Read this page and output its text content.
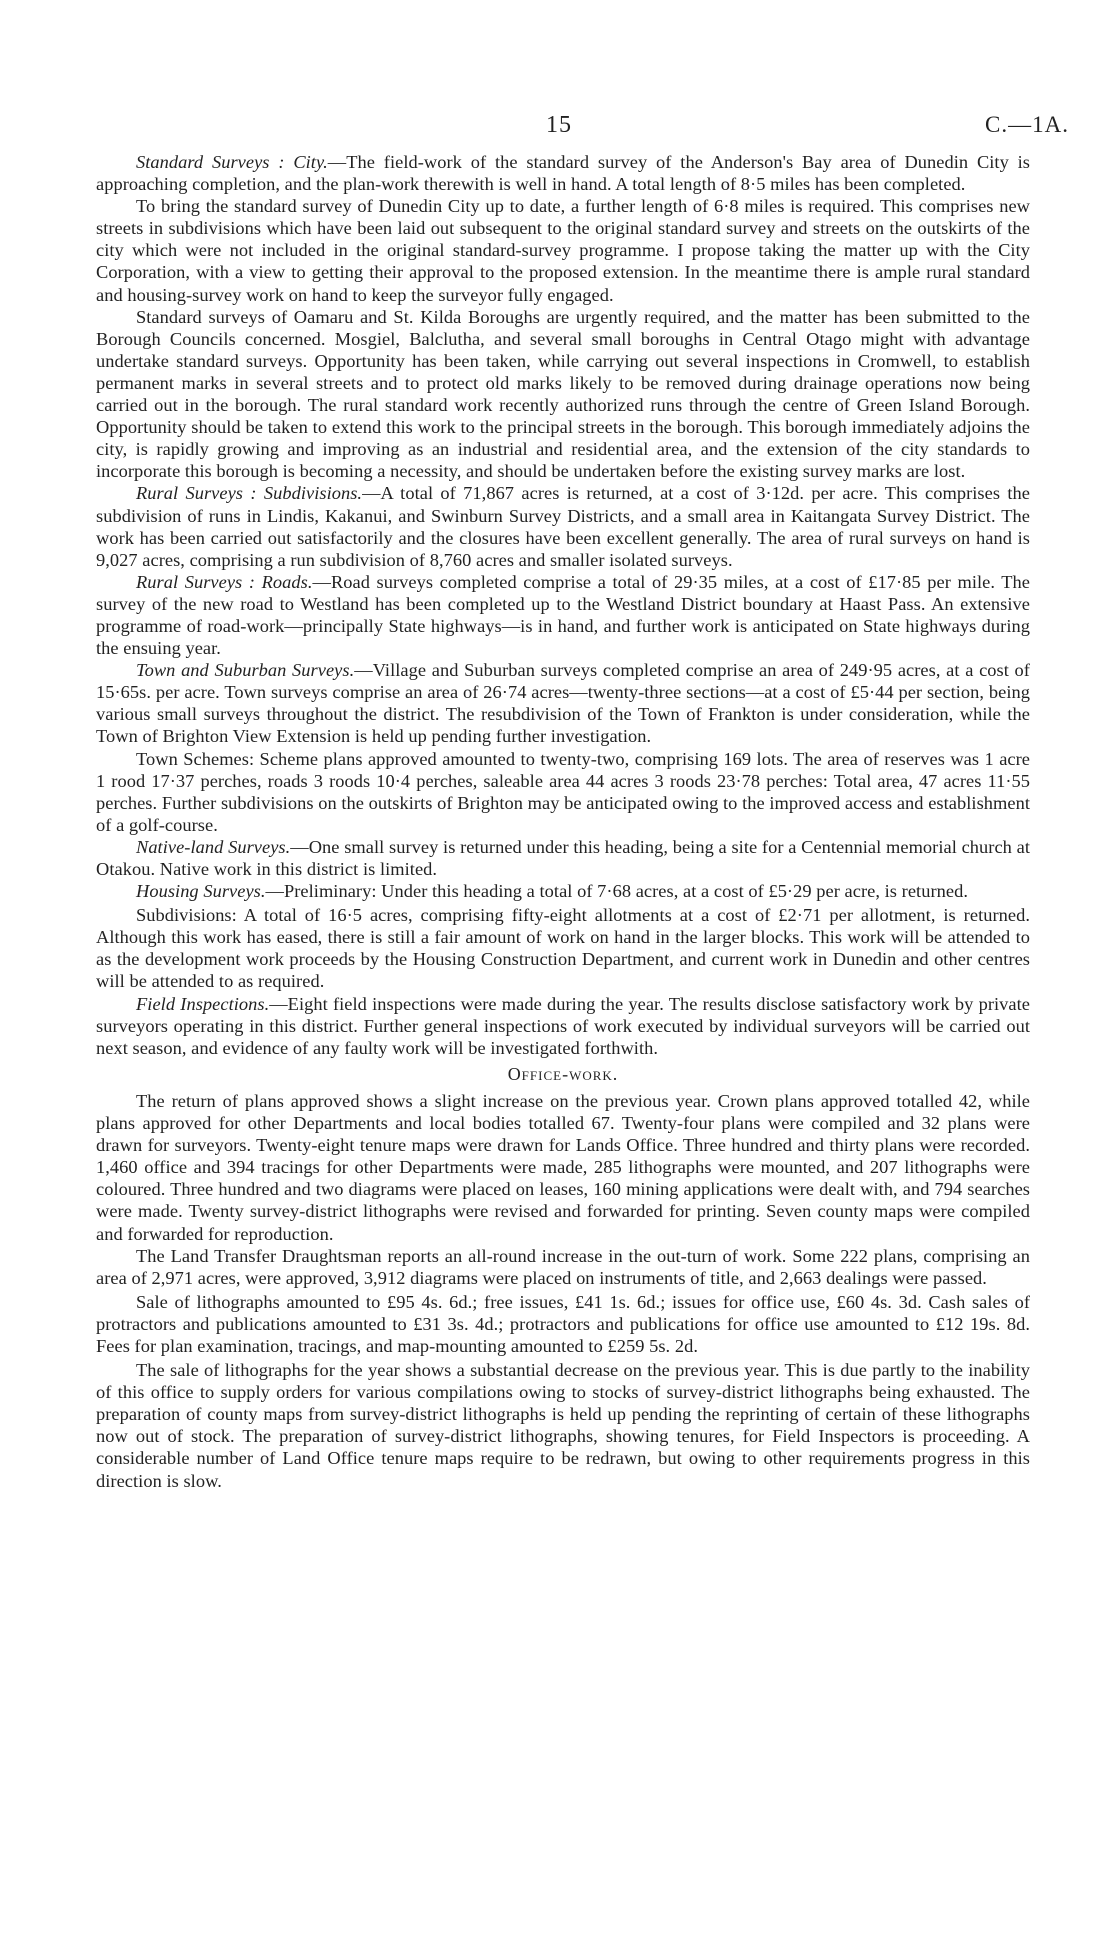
15	C.—1A.

Standard Surveys : City.—The field-work of the standard survey of the Anderson's Bay area of Dunedin City is approaching completion, and the plan-work therewith is well in hand. A total length of 8·5 miles has been completed.

To bring the standard survey of Dunedin City up to date, a further length of 6·8 miles is required. This comprises new streets in subdivisions which have been laid out subsequent to the original standard survey and streets on the outskirts of the city which were not included in the original standard-survey programme. I propose taking the matter up with the City Corporation, with a view to getting their approval to the proposed extension. In the meantime there is ample rural standard and housing-survey work on hand to keep the surveyor fully engaged.

Standard surveys of Oamaru and St. Kilda Boroughs are urgently required, and the matter has been submitted to the Borough Councils concerned. Mosgiel, Balclutha, and several small boroughs in Central Otago might with advantage undertake standard surveys. Opportunity has been taken, while carrying out several inspections in Cromwell, to establish permanent marks in several streets and to protect old marks likely to be removed during drainage operations now being carried out in the borough. The rural standard work recently authorized runs through the centre of Green Island Borough. Opportunity should be taken to extend this work to the principal streets in the borough. This borough immediately adjoins the city, is rapidly growing and improving as an industrial and residential area, and the extension of the city standards to incorporate this borough is becoming a necessity, and should be undertaken before the existing survey marks are lost.

Rural Surveys : Subdivisions.—A total of 71,867 acres is returned, at a cost of 3·12d. per acre. This comprises the subdivision of runs in Lindis, Kakanui, and Swinburn Survey Districts, and a small area in Kaitangata Survey District. The work has been carried out satisfactorily and the closures have been excellent generally. The area of rural surveys on hand is 9,027 acres, comprising a run subdivision of 8,760 acres and smaller isolated surveys.

Rural Surveys : Roads.—Road surveys completed comprise a total of 29·35 miles, at a cost of £17·85 per mile. The survey of the new road to Westland has been completed up to the Westland District boundary at Haast Pass. An extensive programme of road-work—principally State highways—is in hand, and further work is anticipated on State highways during the ensuing year.

Town and Suburban Surveys.—Village and Suburban surveys completed comprise an area of 249·95 acres, at a cost of 15·65s. per acre. Town surveys comprise an area of 26·74 acres—twenty-three sections—at a cost of £5·44 per section, being various small surveys throughout the district. The resubdivision of the Town of Frankton is under consideration, while the Town of Brighton View Extension is held up pending further investigation.

Town Schemes: Scheme plans approved amounted to twenty-two, comprising 169 lots. The area of reserves was 1 acre 1 rood 17·37 perches, roads 3 roods 10·4 perches, saleable area 44 acres 3 roods 23·78 perches: Total area, 47 acres 11·55 perches. Further subdivisions on the outskirts of Brighton may be anticipated owing to the improved access and establishment of a golf-course.

Native-land Surveys.—One small survey is returned under this heading, being a site for a Centennial memorial church at Otakou. Native work in this district is limited.

Housing Surveys.—Preliminary: Under this heading a total of 7·68 acres, at a cost of £5·29 per acre, is returned.

Subdivisions: A total of 16·5 acres, comprising fifty-eight allotments at a cost of £2·71 per allotment, is returned. Although this work has eased, there is still a fair amount of work on hand in the larger blocks. This work will be attended to as the development work proceeds by the Housing Construction Department, and current work in Dunedin and other centres will be attended to as required.

Field Inspections.—Eight field inspections were made during the year. The results disclose satisfactory work by private surveyors operating in this district. Further general inspections of work executed by individual surveyors will be carried out next season, and evidence of any faulty work will be investigated forthwith.

Office-work.

The return of plans approved shows a slight increase on the previous year. Crown plans approved totalled 42, while plans approved for other Departments and local bodies totalled 67. Twenty-four plans were compiled and 32 plans were drawn for surveyors. Twenty-eight tenure maps were drawn for Lands Office. Three hundred and thirty plans were recorded. 1,460 office and 394 tracings for other Departments were made, 285 lithographs were mounted, and 207 lithographs were coloured. Three hundred and two diagrams were placed on leases, 160 mining applications were dealt with, and 794 searches were made. Twenty survey-district lithographs were revised and forwarded for printing. Seven county maps were compiled and forwarded for reproduction.

The Land Transfer Draughtsman reports an all-round increase in the out-turn of work. Some 222 plans, comprising an area of 2,971 acres, were approved, 3,912 diagrams were placed on instruments of title, and 2,663 dealings were passed.

Sale of lithographs amounted to £95 4s. 6d.; free issues, £41 1s. 6d.; issues for office use, £60 4s. 3d. Cash sales of protractors and publications amounted to £31 3s. 4d.; protractors and publications for office use amounted to £12 19s. 8d. Fees for plan examination, tracings, and map-mounting amounted to £259 5s. 2d.

The sale of lithographs for the year shows a substantial decrease on the previous year. This is due partly to the inability of this office to supply orders for various compilations owing to stocks of survey-district lithographs being exhausted. The preparation of county maps from survey-district lithographs is held up pending the reprinting of certain of these lithographs now out of stock. The preparation of survey-district lithographs, showing tenures, for Field Inspectors is proceeding. A considerable number of Land Office tenure maps require to be redrawn, but owing to other requirements progress in this direction is slow.
